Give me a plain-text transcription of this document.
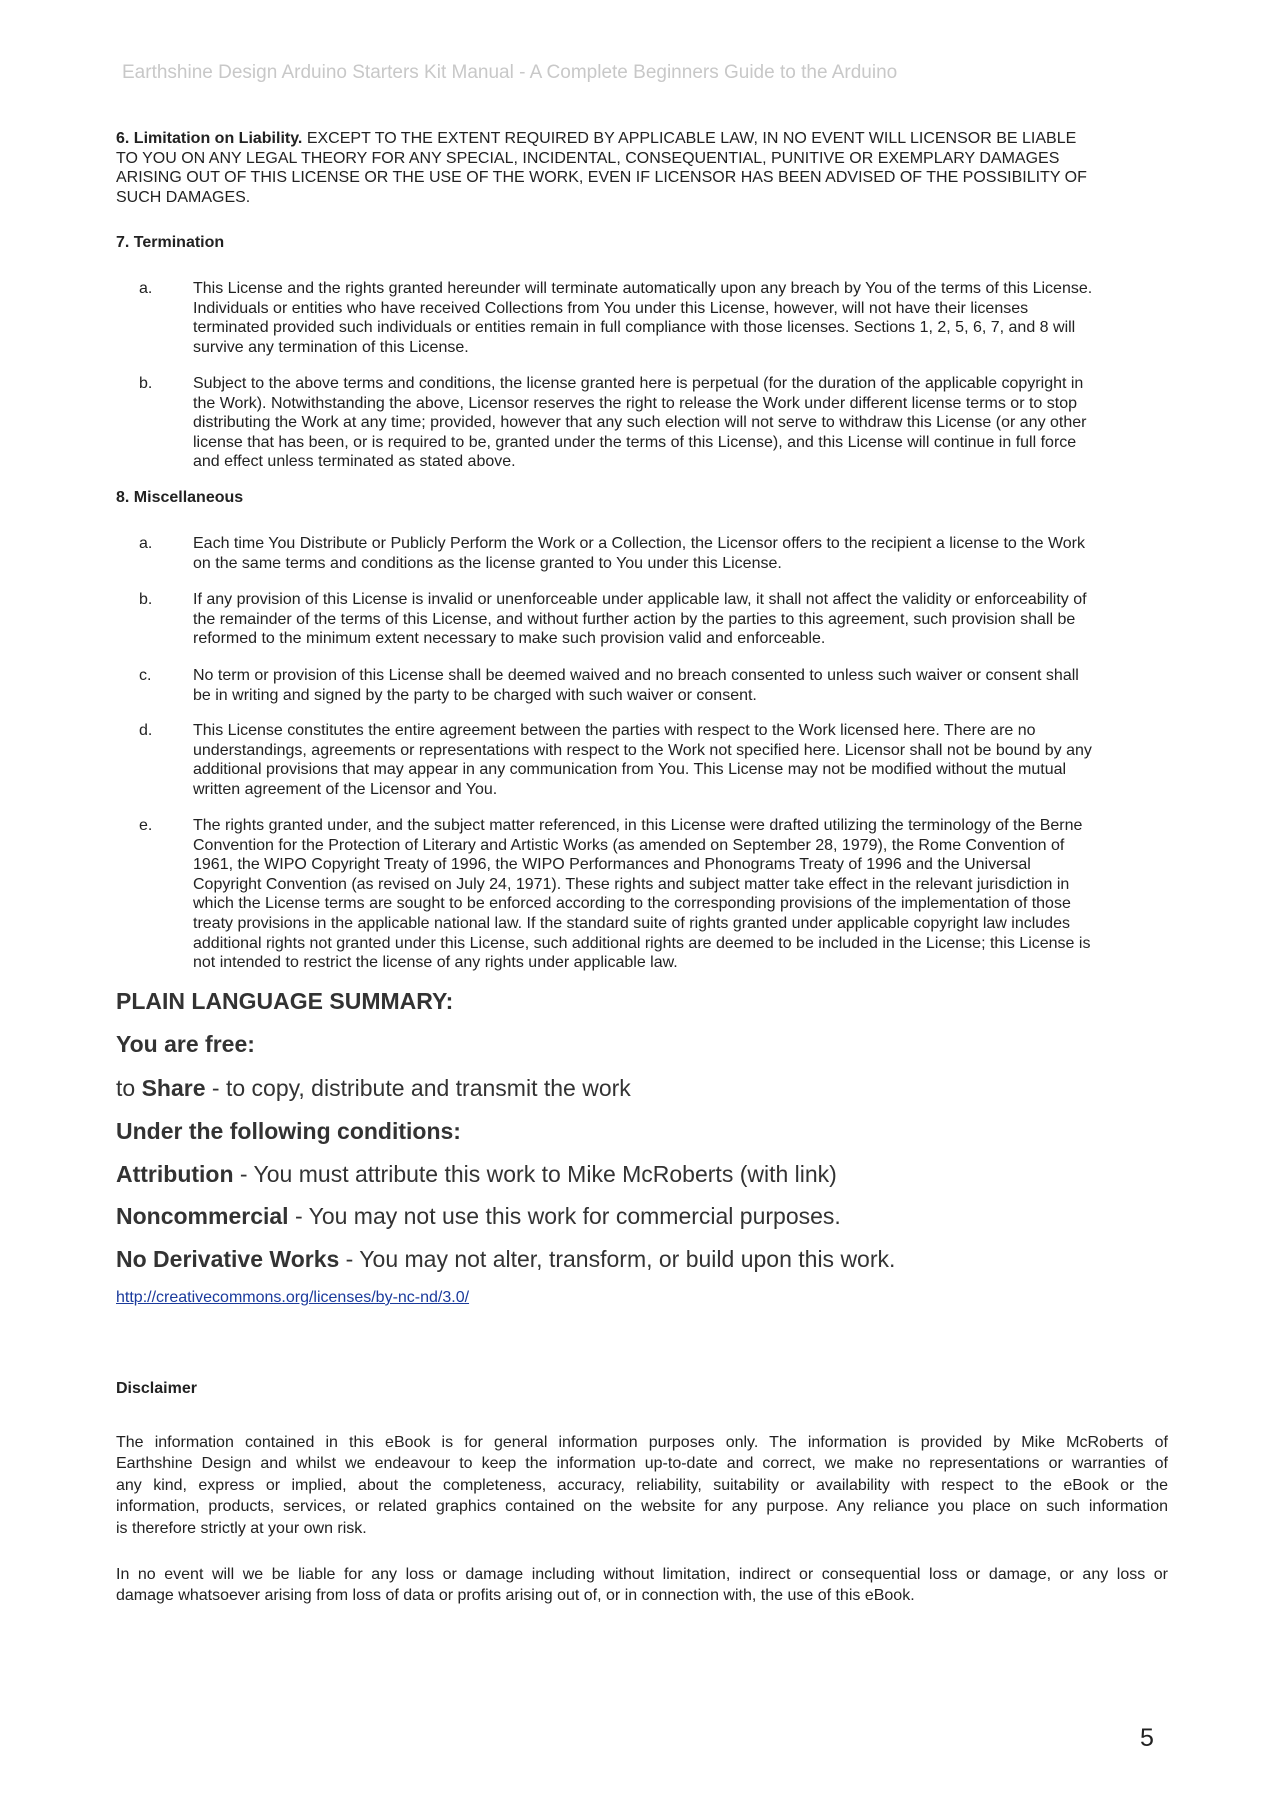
Earthshine Design Arduino Starters Kit Manual - A Complete Beginners Guide to the Arduino
6. Limitation on Liability. EXCEPT TO THE EXTENT REQUIRED BY APPLICABLE LAW, IN NO EVENT WILL LICENSOR BE LIABLE
TO YOU ON ANY LEGAL THEORY FOR ANY SPECIAL, INCIDENTAL, CONSEQUENTIAL, PUNITIVE OR EXEMPLARY DAMAGES
ARISING OUT OF THIS LICENSE OR THE USE OF THE WORK, EVEN IF LICENSOR HAS BEEN ADVISED OF THE POSSIBILITY OF
SUCH DAMAGES.
7. Termination
8. Miscellaneous
PLAIN LANGUAGE SUMMARY:
You are free:
to Share - to copy, distribute and transmit the work
Under the following conditions:
Attribution - You must attribute this work to Mike McRoberts (with link)
Noncommercial - You may not use this work for commercial purposes.
No Derivative Works - You may not alter, transform, or build upon this work.
http://creativecommons.org/licenses/by-nc-nd/3.0/
Disclaimer
The information contained in this eBook is for general information purposes only. The information is provided by Mike McRoberts of
Earthshine Design and whilst we endeavour to keep the information up-to-date and correct, we make no representations or warranties of
any kind, express or implied, about the completeness, accuracy, reliability, suitability or availability with respect to the eBook or the
information, products, services, or related graphics contained on the website for any purpose. Any reliance you place on such information
is therefore strictly at your own risk.
In no event will we be liable for any loss or damage including without limitation, indirect or consequential loss or damage, or any loss or
damage whatsoever arising from loss of data or profits arising out of, or in connection with, the use of this eBook.
5
a.	This License and the rights granted hereunder will terminate automatically upon any breach by You of the terms of this License.
Individuals or entities who have received Collections from You under this License, however, will not have their licenses
terminated provided such individuals or entities remain in full compliance with those licenses. Sections 1, 2, 5, 6, 7, and 8 will
survive any termination of this License.
b.	Subject to the above terms and conditions, the license granted here is perpetual (for the duration of the applicable copyright in
the Work). Notwithstanding the above, Licensor reserves the right to release the Work under different license terms or to stop
distributing the Work at any time; provided, however that any such election will not serve to withdraw this License (or any other
license that has been, or is required to be, granted under the terms of this License), and this License will continue in full force
and effect unless terminated as stated above.
a.	Each time You Distribute or Publicly Perform the Work or a Collection, the Licensor offers to the recipient a license to the Work
on the same terms and conditions as the license granted to You under this License.
b.	If any provision of this License is invalid or unenforceable under applicable law, it shall not affect the validity or enforceability of
the remainder of the terms of this License, and without further action by the parties to this agreement, such provision shall be
reformed to the minimum extent necessary to make such provision valid and enforceable.
c.	No term or provision of this License shall be deemed waived and no breach consented to unless such waiver or consent shall
be in writing and signed by the party to be charged with such waiver or consent.
d.	This License constitutes the entire agreement between the parties with respect to the Work licensed here. There are no
understandings, agreements or representations with respect to the Work not specified here. Licensor shall not be bound by any
additional provisions that may appear in any communication from You. This License may not be modified without the mutual
written agreement of the Licensor and You.
e.	The rights granted under, and the subject matter referenced, in this License were drafted utilizing the terminology of the Berne
Convention for the Protection of Literary and Artistic Works (as amended on September 28, 1979), the Rome Convention of
1961, the WIPO Copyright Treaty of 1996, the WIPO Performances and Phonograms Treaty of 1996 and the Universal
Copyright Convention (as revised on July 24, 1971). These rights and subject matter take effect in the relevant jurisdiction in
which the License terms are sought to be enforced according to the corresponding provisions of the implementation of those
treaty provisions in the applicable national law. If the standard suite of rights granted under applicable copyright law includes
additional rights not granted under this License, such additional rights are deemed to be included in the License; this License is
not intended to restrict the license of any rights under applicable law.
